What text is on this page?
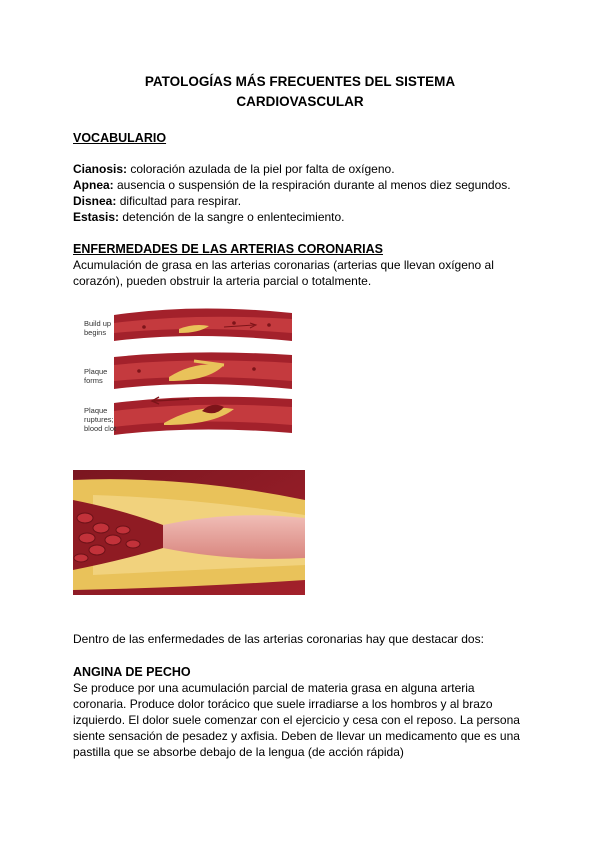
PATOLOGÍAS MÁS FRECUENTES DEL SISTEMA
CARDIOVASCULAR
VOCABULARIO
Cianosis: coloración azulada de la piel por falta de oxígeno.
Apnea: ausencia o suspensión de la respiración durante al menos diez segundos.
Disnea: dificultad para respirar.
Estasis: detención de la sangre o enlentecimiento.
ENFERMEDADES DE LAS ARTERIAS CORONARIAS
Acumulación de grasa en las arterias coronarias (arterias que llevan oxígeno al
corazón), pueden obstruir la arteria parcial o totalmente.
Build up
begins
Plaque
forms
Plaque
ruptures;
blood clot
Dentro de las enfermedades de las arterias coronarias hay que destacar dos:
ANGINA DE PECHO
Se produce por una acumulación parcial de materia grasa en alguna arteria
coronaria. Produce dolor torácico que suele irradiarse a los hombros y al brazo
izquierdo. El dolor suele comenzar con el ejercicio y cesa con el reposo. La persona
siente sensación de pesadez y axfisia. Deben de llevar un medicamento que es una
pastilla que se absorbe debajo de la lengua (de acción rápida)
